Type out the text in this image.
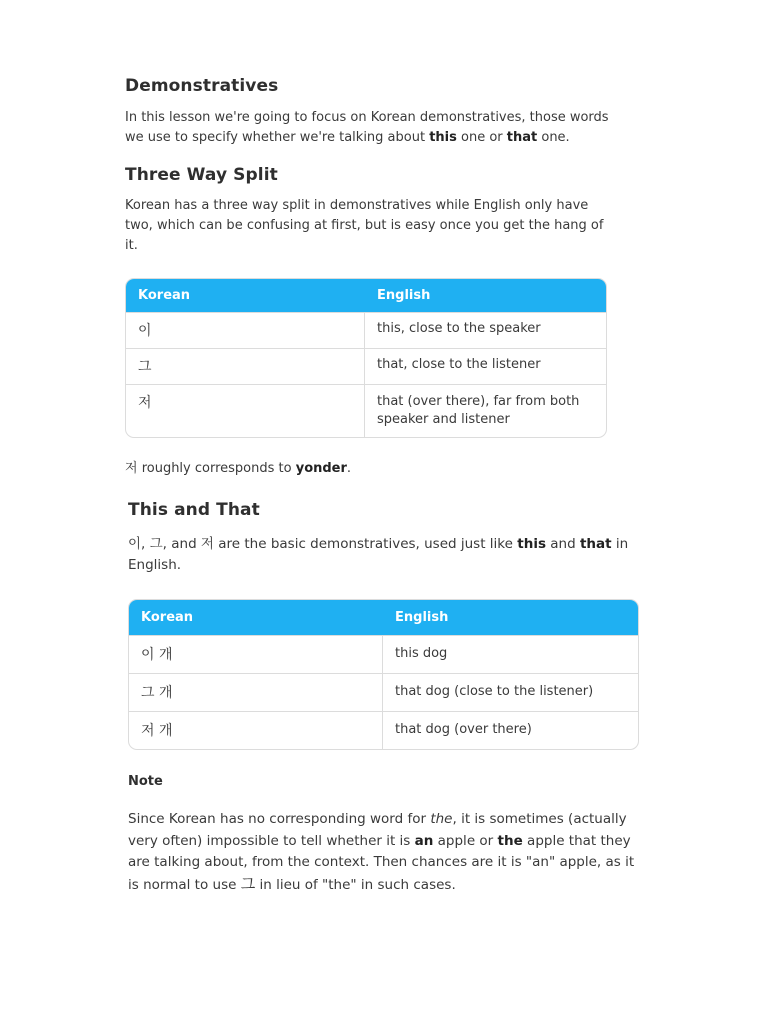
Demonstratives

In this lesson we're going to focus on Korean demonstratives, those words

we use to specify whether we're talking about this one or that one.

Three Way Split

Korean has a three way split in demonstratives while English only have

two, which can be confusing at first, but is easy once you get the hang of

it.

Korean	English
이	this, close to the speaker
그	that, close to the listener
저	that (over there), far from both
speaker and listener

저 roughly corresponds to yonder.

This and That

이, 그, and 저 are the basic demonstratives, used just like this and that in

English.

Korean	English
이 개	this dog
그 개	that dog (close to the listener)
저 개	that dog (over there)
Note

Since Korean has no corresponding word for the, it is sometimes (actually

very often) impossible to tell whether it is an apple or the apple that they

are talking about, from the context. Then chances are it is "an" apple, as it

is normal to use 그 in lieu of "the" in such cases.
